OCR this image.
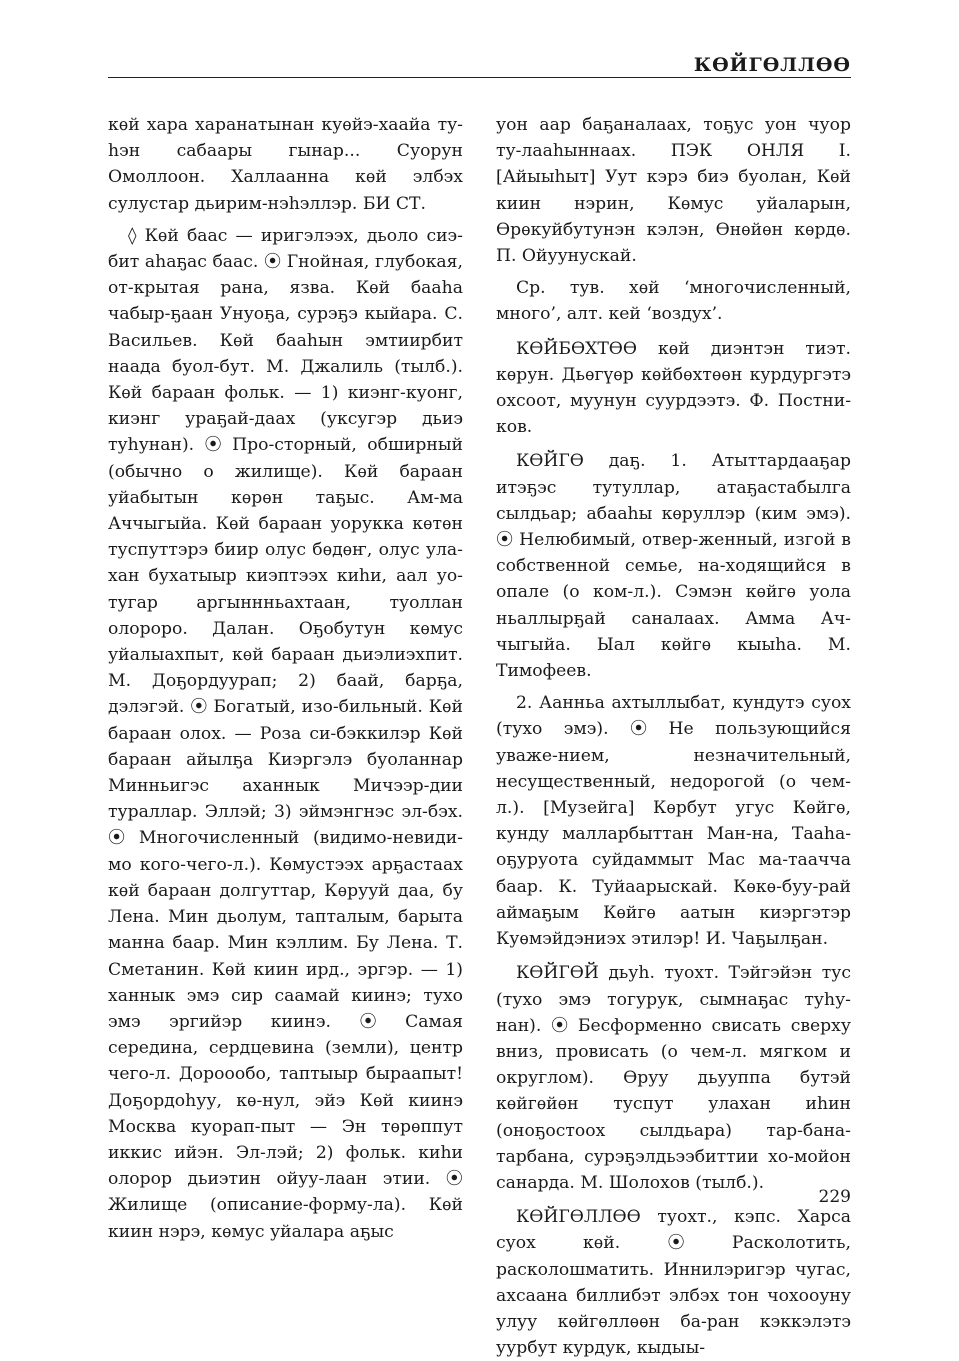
КӨЙГӨЛЛӨӨ

кѳй хара харанатынан куѳйэ-хаайа ту-һэн сабаары гынар... Суорун Омоллоон. Халлаанна кѳй элбэх сулустар дьирим-нэһэллэр. БИ СТ.

◊ Кѳй баас — иригэлээх, дьоло сиэ-бит аһаҕас баас. ⦿ Гнойная, глубокая, от-крытая рана, язва. Кѳй бааһа чабыр-ҕаан Унуоҕа, сурэҕэ кыйара. С. Васильев. Кѳй бааһын эмтиирбит наада буол-бут. М. Джалиль (тылб.). Кѳй бараан фольк. — 1) киэнг-куонг, киэнг ураҕай-даах (уксугэр дьиэ туһунан). ⦿ Про-сторный, обширный (обычно о жилище). Кѳй бараан уйабытын кѳрѳн таҕыс. Ам-ма Аччыгыйа. Кѳй бараан уорукка кѳтѳн туспуттэрэ биир олус бѳдѳҥ, олус ула-хан бухатыыр киэптээх киһи, аал уо-тугар аргыннньахтаан, туоллан олороро. Далан. Оҕобутун кѳмус уйалыахпыт, кѳй бараан дьиэлиэхпит. М. Доҕордуурап; 2) баай, барҕа, дэлэгэй. ⦿ Богатый, изо-бильный. Кѳй бараан олох. — Роза си-бэккилэр Кѳй бараан айылҕа Киэргэлэ буоланнар Минньигэс аханнык Мичээр-дии тураллар. Эллэй; 3) эймэнгнэс эл-бэх. ⦿ Многочисленный (видимо-невиди-мо кого-чего-л.). Кѳмустээх арҕастаах кѳй бараан долгуттар, Кѳрууй даа, бу Лена. Мин дьолум, тапталым, барыта манна баар. Мин кэллим. Бу Лена. Т. Сметанин. Кѳй киин ирд., эргэр. — 1) ханнык эмэ сир саамай киинэ; тухо эмэ эргийэр киинэ. ⦿ Самая середина, сердцевина (земли), центр чего-л. Дороообо, таптыыр быраапыт! Доҕордоһуу, кѳ-нул, эйэ Кѳй киинэ Москва куорап-пыт — Эн тѳрѳппут иккис ийэн. Эл-лэй; 2) фольк. киһи олорор дьиэтин ойуу-лаан этии. ⦿ Жилище (описание-форму-ла). Кѳй киин нэрэ, кѳмус уйалара аҕыс

уон аар баҕаналаах, тоҕус уон чуор ту-лааһыннаах. ПЭК ОНЛЯ I. [Айыыһыт] Уут кэрэ биэ буолан, Кѳй киин нэрин, Кѳмус уйаларын, Ѳрѳкуйбутунэн кэлэн, Ѳнѳйѳн кѳрдѳ. П. Ойуунускай.

Ср. тув. хѳй ‘многочисленный, много’, алт. кей ‘воздух’.

КѲЙБѲХТѲѲ кѳй диэнтэн тиэт. кѳрун. Дьѳгүѳр кѳйбѳхтѳѳн курдургэтэ охсоот, муунун суурдээтэ. Ф. Постни-ков.

КѲЙГѲ даҕ. 1. Атыттардааҕар итэҕэс тутуллар, атаҕастабылга сылдьар; абааһы кѳруллэр (ким эмэ). ⦿ Нелюбимый, отвер-женный, изгой в собственной семье, на-ходящийся в опале (о ком-л.). Сэмэн кѳйгѳ уола ньаллырҕай саналаах. Амма Ач-чыгыйа. Ыал кѳйгѳ кыыһа. М. Тимофеев.

2. Аанньа ахтыллыбат, кундутэ суох (тухо эмэ). ⦿ Не пользующийся уваже-нием, незначительный, несущественный, недорогой (о чем-л.). [Музейга] Кѳрбут угус Кѳйгѳ, кунду малларбыттан Ман-на, Тааһа-оҕуруота суйдаммыт Мас ма-таачча баар. К. Туйаарыскай. Кѳкѳ-буу-рай аймаҕым Кѳйгѳ аатын киэргэтэр Куѳмэйдэниэх этилэр! И. Чаҕылҕан.

КѲЙГѲЙ дьуһ. туохт. Тэйгэйэн тус (тухо эмэ тогурук, сымнаҕас туһу-нан). ⦿ Бесформенно свисать сверху вниз, провисать (о чем-л. мягком и округлом). Ѳруу дьууппа бутэй кѳйгѳйѳн туспут улахан иһин (оноҕостоох сылдьара) тар-бана-тарбана, сурэҕэлдьээбиттии хо-мойон санарда. М. Шолохов (тылб.).

КѲЙГѲЛЛѲѲ туохт., кэпс. Харса суох кѳй. ⦿ Расколотить, расколошматить. Иннилэригэр чугас, ахсаана биллибэт элбэх тон чохооуну улуу кѳйгѳллѳѳн ба-ран кэккэлэтэ уурбут курдук, кыдыы-

229
